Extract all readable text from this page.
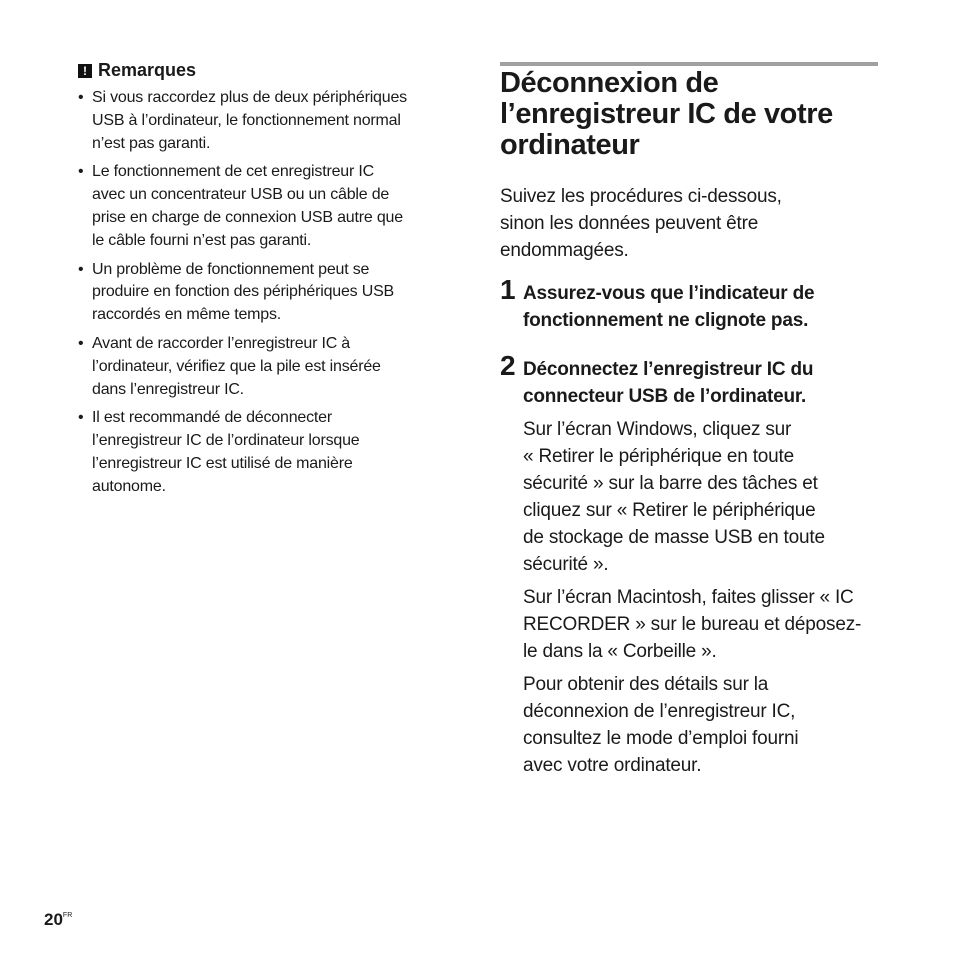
! Remarques
• Si vous raccordez plus de deux périphériques
USB à l’ordinateur, le fonctionnement normal
n’est pas garanti.
• Le fonctionnement de cet enregistreur IC
avec un concentrateur USB ou un câble de
prise en charge de connexion USB autre que
le câble fourni n’est pas garanti.
• Un problème de fonctionnement peut se
produire en fonction des périphériques USB
raccordés en même temps.
• Avant de raccorder l’enregistreur IC à
l’ordinateur, vérifiez que la pile est insérée
dans l’enregistreur IC.
• Il est recommandé de déconnecter
l’enregistreur IC de l’ordinateur lorsque
l’enregistreur IC est utilisé de manière
autonome.
Déconnexion de
l’enregistreur IC de votre
ordinateur

Suivez les procédures ci-dessous,
sinon les données peuvent être
endommagées.

1 Assurez-vous que l’indicateur de
fonctionnement ne clignote pas.
2 Déconnectez l’enregistreur IC du
connecteur USB de l’ordinateur.
Sur l’écran Windows, cliquez sur
« Retirer le périphérique en toute
sécurité » sur la barre des tâches et
cliquez sur « Retirer le périphérique
de stockage de masse USB en toute
sécurité ».
Sur l’écran Macintosh, faites glisser « IC
RECORDER » sur le bureau et déposez-
le dans la « Corbeille ».
Pour obtenir des détails sur la
déconnexion de l’enregistreur IC,
consultez le mode d’emploi fourni
avec votre ordinateur.
$20^{FR}$
